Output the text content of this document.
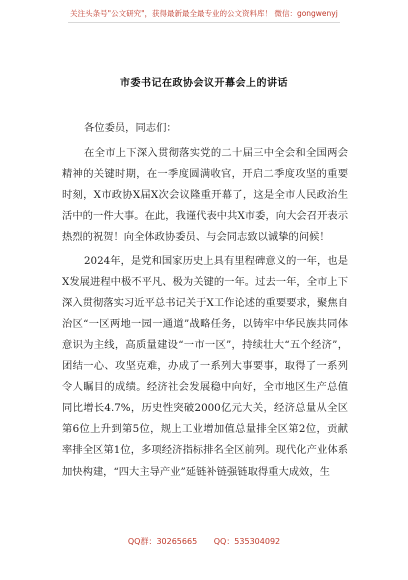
关注头条号"公文研究"，获得最新最全最专业的公文资料库！ 微信：gongwenyj
市委书记在政协会议开幕会上的讲话

各位委员，同志们：

在全市上下深入贯彻落实党的二十届三中全会和全国两会精神的关键时期，在一季度圆满收官，开启二季度攻坚的重要时刻，X市政协X届X次会议隆重开幕了，这是全市人民政治生活中的一件大事。在此，我谨代表中共X市委，向大会召开表示热烈的祝贺！向全体政协委员、与会同志致以诚挚的问候！

2024年，是党和国家历史上具有里程碑意义的一年，也是X发展进程中极不平凡、极为关键的一年。过去一年，全市上下深入贯彻落实习近平总书记关于X工作论述的重要要求，聚焦自治区“一区两地一园一通道”战略任务，以铸牢中华民族共同体意识为主线，高质量建设“一市一区”，持续壮大“五个经济”，团结一心、攻坚克难，办成了一系列大事要事，取得了一系列令人瞩目的成绩。经济社会发展稳中向好，全市地区生产总值同比增长4.7%，历史性突破2000亿元大关，经济总量从全区第6位上升到第5位，规上工业增加值总量排全区第2位，贡献率排全区第1位，多项经济指标排名全区前列。现代化产业体系加快构建，“四大主导产业”延链补链强链取得重大成效，生

QQ群：30265665 QQ：535304092
